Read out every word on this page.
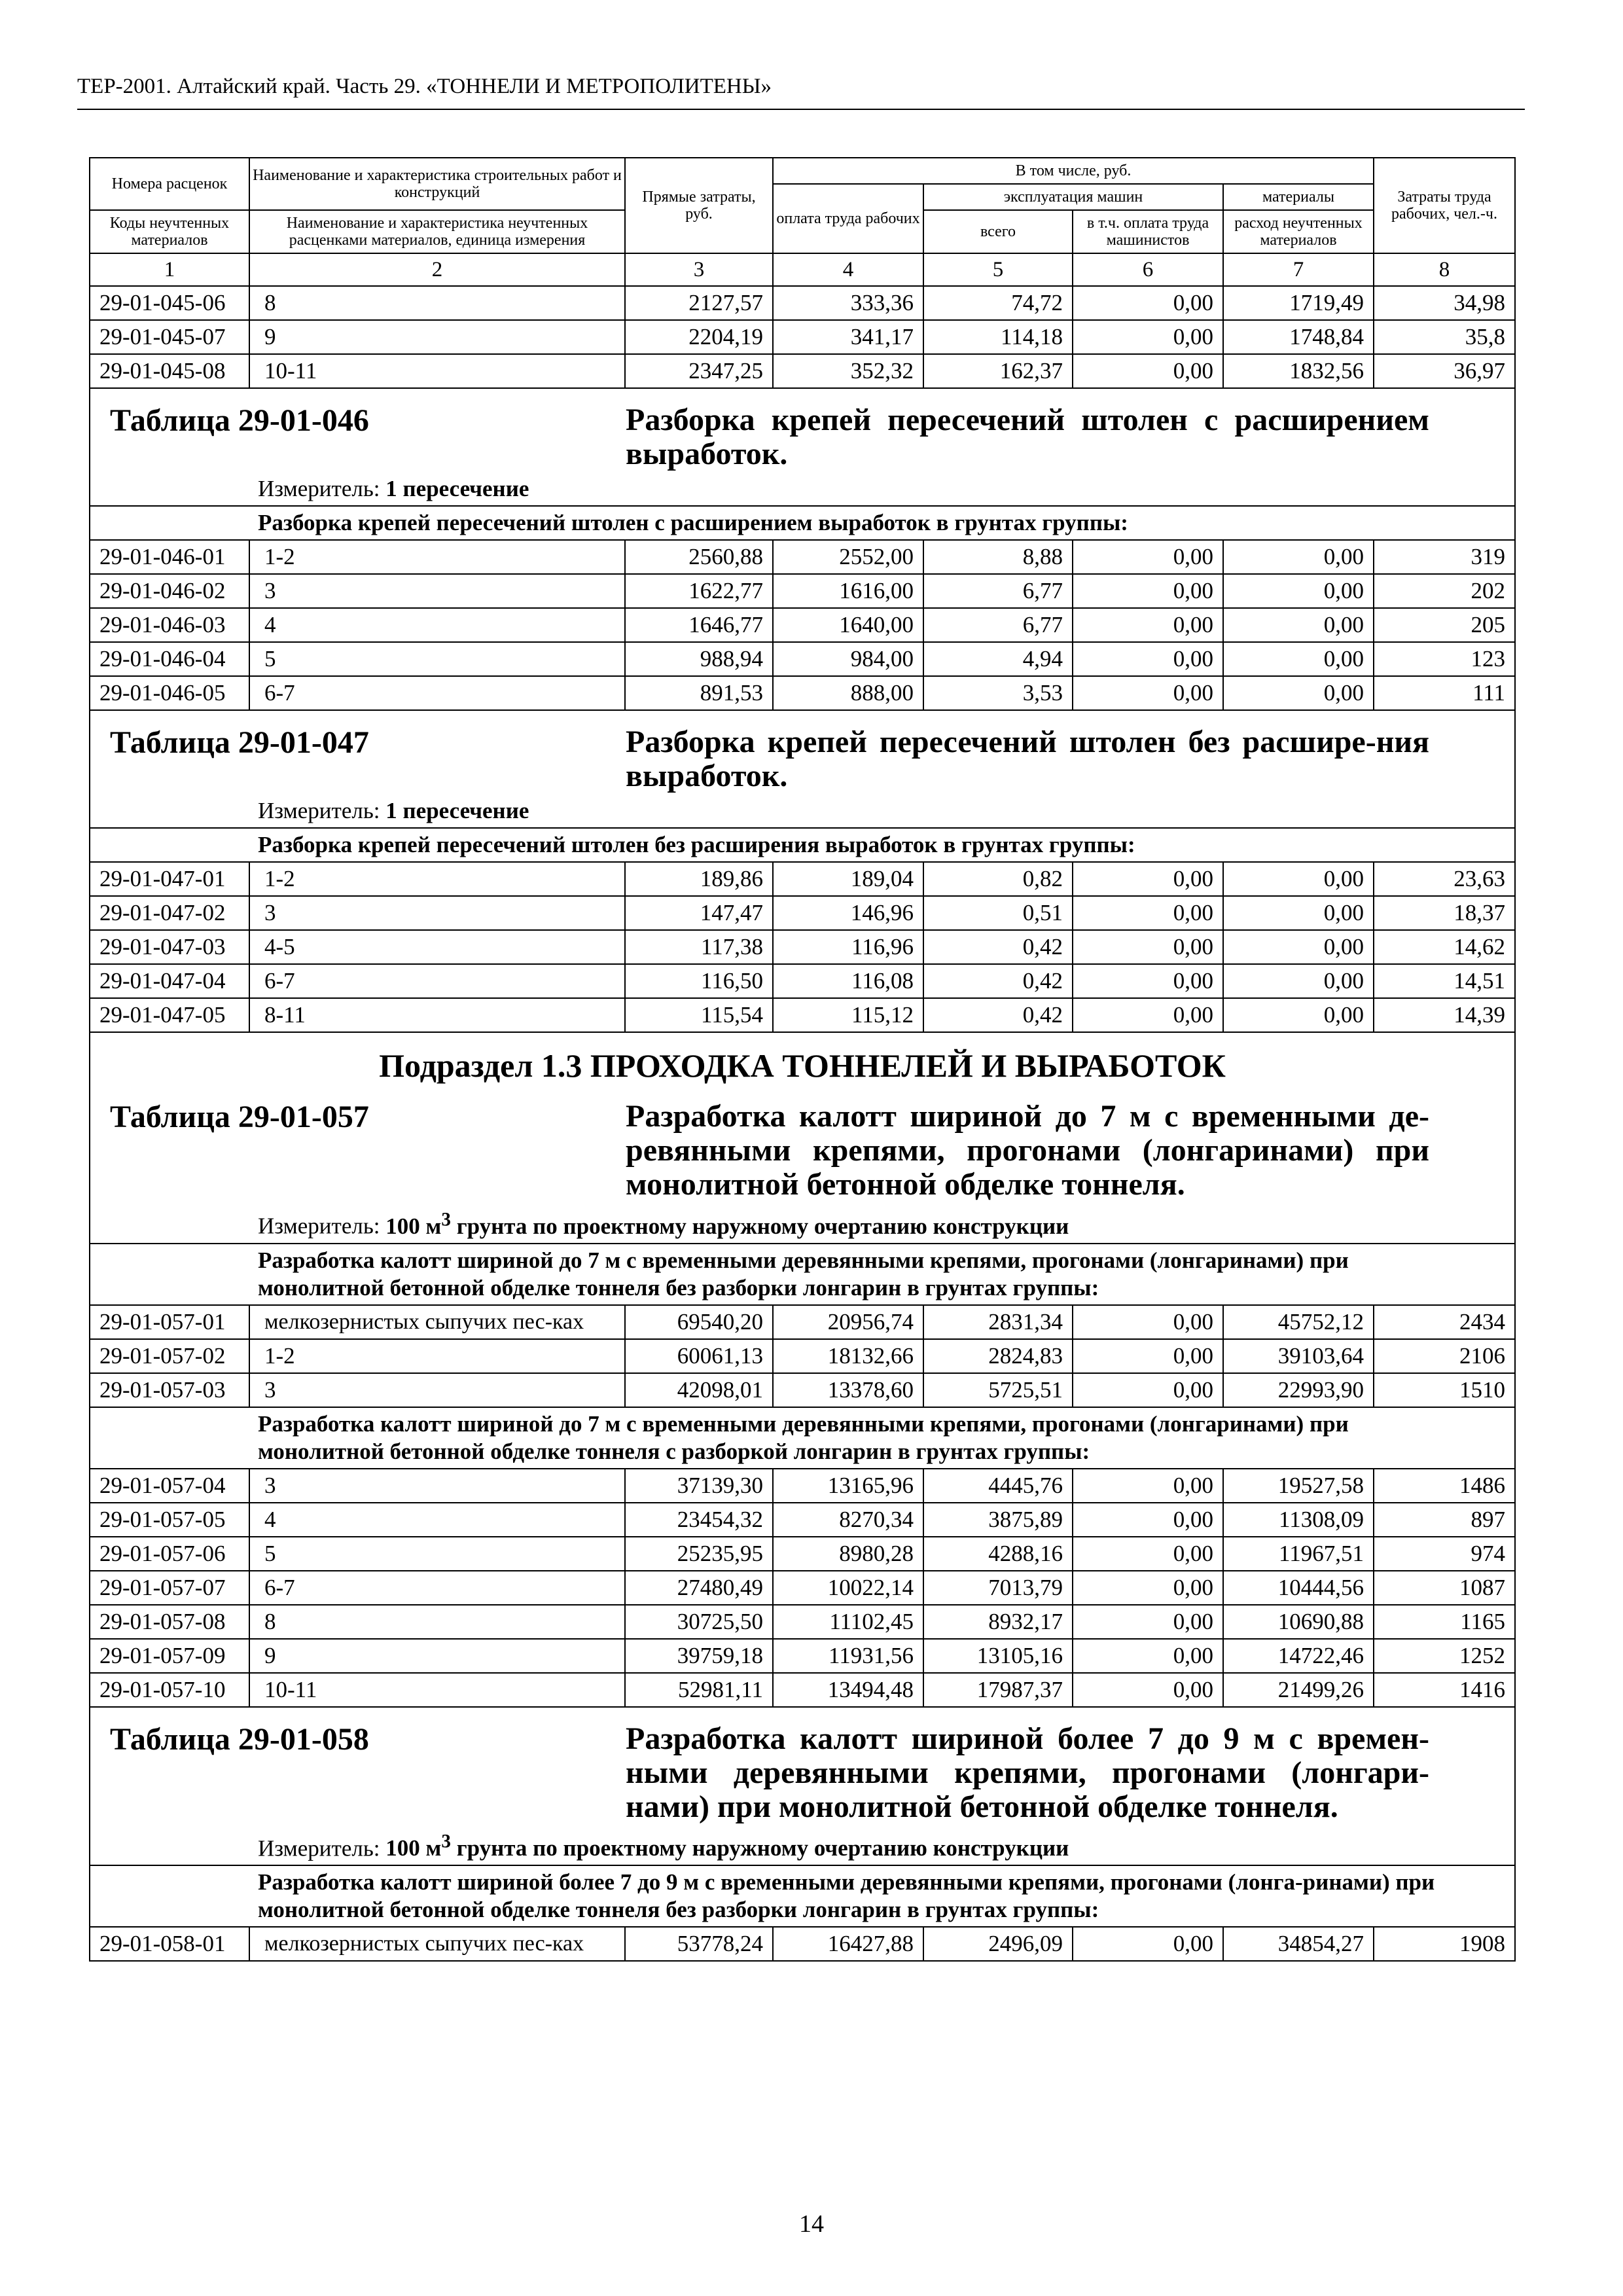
ТЕР-2001. Алтайский край. Часть 29. «ТОННЕЛИ И МЕТРОПОЛИТЕНЫ»
Номера расценок	Наименование и характеристика строительных работ и конструкций	Прямые затраты, руб.	В том числе, руб.				Затраты труда рабочих, чел.-ч.
			оплата труда рабочих	эксплуатация машин		материалы	
Коды неучтенных материалов	Наименование и характеристика неучтенных расценками материалов, единица измерения			всего	в т.ч. оплата труда машинистов	расход неучтенных материалов	
1	2	3	4	5	6	7	8
29-01-045-06	8	2127,57	333,36	74,72	0,00	1719,49	34,98
29-01-045-07	9	2204,19	341,17	114,18	0,00	1748,84	35,8
29-01-045-08	10-11	2347,25	352,32	162,37	0,00	1832,56	36,97

Таблица 29-01-046 Разборка крепей пересечений штолен с расширением выработок.
Измеритель: 1 пересечение							

Разборка крепей пересечений штолен с расширением выработок в грунтах группы:							
29-01-046-01	1-2	2560,88	2552,00	8,88	0,00	0,00	319
29-01-046-02	3	1622,77	1616,00	6,77	0,00	0,00	202
29-01-046-03	4	1646,77	1640,00	6,77	0,00	0,00	205
29-01-046-04	5	988,94	984,00	4,94	0,00	0,00	123
29-01-046-05	6-7	891,53	888,00	3,53	0,00	0,00	111

Таблица 29-01-047 Разборка крепей пересечений штолен без расшире-ния выработок.
Измеритель: 1 пересечение							

Разборка крепей пересечений штолен без расширения выработок в грунтах группы:							
29-01-047-01	1-2	189,86	189,04	0,82	0,00	0,00	23,63
29-01-047-02	3	147,47	146,96	0,51	0,00	0,00	18,37
29-01-047-03	4-5	117,38	116,96	0,42	0,00	0,00	14,62
29-01-047-04	6-7	116,50	116,08	0,42	0,00	0,00	14,51
29-01-047-05	8-11	115,54	115,12	0,42	0,00	0,00	14,39

Подраздел 1.3 ПРОХОДКА ТОННЕЛЕЙ И ВЫРАБОТОК
Таблица 29-01-057 Разработка калотт шириной до 7 м с временными де-ревянными крепями, прогонами (лонгаринами) при монолитной бетонной обделке тоннеля.
Измеритель: 100 $м^3$ грунта по проектному наружному очертанию конструкции							

Разработка калотт шириной до 7 м с временными деревянными крепями, прогонами (лонгаринами) при монолитной бетонной обделке тоннеля без разборки лонгарин в грунтах группы:							
29-01-057-01	мелкозернистых сыпучих пес-ках	69540,20	20956,74	2831,34	0,00	45752,12	2434
29-01-057-02	1-2	60061,13	18132,66	2824,83	0,00	39103,64	2106
29-01-057-03	3	42098,01	13378,60	5725,51	0,00	22993,90	1510
Разработка калотт шириной до 7 м с временными деревянными крепями, прогонами (лонгаринами) при монолитной бетонной обделке тоннеля с разборкой лонгарин в грунтах группы:							
29-01-057-04	3	37139,30	13165,96	4445,76	0,00	19527,58	1486
29-01-057-05	4	23454,32	8270,34	3875,89	0,00	11308,09	897
29-01-057-06	5	25235,95	8980,28	4288,16	0,00	11967,51	974
29-01-057-07	6-7	27480,49	10022,14	7013,79	0,00	10444,56	1087
29-01-057-08	8	30725,50	11102,45	8932,17	0,00	10690,88	1165
29-01-057-09	9	39759,18	11931,56	13105,16	0,00	14722,46	1252
29-01-057-10	10-11	52981,11	13494,48	17987,37	0,00	21499,26	1416

Таблица 29-01-058 Разработка калотт шириной более 7 до 9 м с времен-ными деревянными крепями, прогонами (лонгари-нами) при монолитной бетонной обделке тоннеля.
Измеритель: 100 $м^3$ грунта по проектному наружному очертанию конструкции							

Разработка калотт шириной более 7 до 9 м с временными деревянными крепями, прогонами (лонга-ринами) при монолитной бетонной обделке тоннеля без разборки лонгарин в грунтах группы:							
29-01-058-01	мелкозернистых сыпучих пес-ках	53778,24	16427,88	2496,09	0,00	34854,27	1908
14
